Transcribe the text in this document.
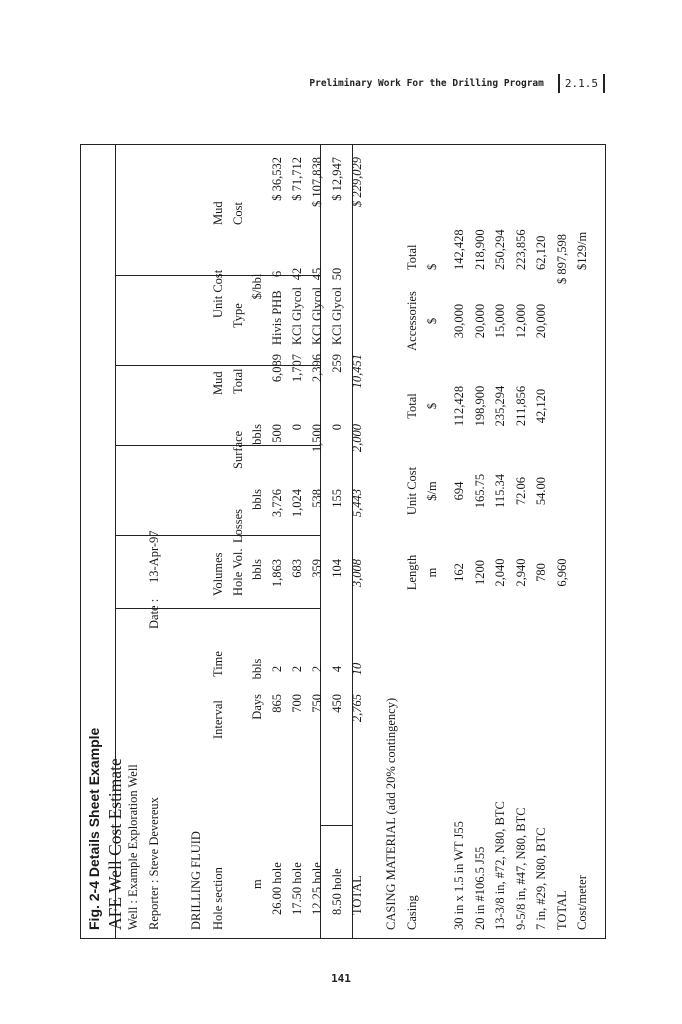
Preliminary Work For the Drilling Program	2.1.5
Fig. 2-4 Details Sheet Example AFE Well Cost Estimate Well : Example Exploration Well Reporter : Steve Devereux
Date :
13-Apr-97
DRILLING FLUID Hole section
Interval
Time
Volumes
Mud
Unit Cost
Mud
Hole Vol.
Losses
Surface
Total
Type
Cost
m
Days
bbls
bbls
bbls
bbls
$/bbl
26.00 hole
865
2
1,863
3,726
500
6,089
Hivis PHB
6
$ 36,532
17.50 hole
700
2
683
1,024
0
1,707
KCl Glycol
42
$ 71,712
12.25 hole
750
2
359
538
1,500
2,396
KCl Glycol
45
$ 107,838
8.50 hole
450
4
104
155
0
259
KCl Glycol
50
$ 12,947
TOTAL
2,765
10
3,008
5,443
2,000
10,451
$ 229,029
CASING MATERIAL (add 20% contingency) Casing
Length
Unit Cost
Total
Accessories
Total
m
$/m
$
$
$
30 in x 1.5 in WT J55
162
694
112,428
30,000
142,428
20 in #106.5 J55
1200
165.75
198,900
20,000
218,900
13-3/8 in, #72, N80, BTC
2,040
115.34
235,294
15,000
250,294
9-5/8 in, #47, N80, BTC
2,940
72.06
211,856
12,000
223,856
7 in, #29, N80, BTC
780
54.00
42,120
20,000
62,120
TOTAL
6,960
$ 897,598
Cost/meter
$129/m
141
